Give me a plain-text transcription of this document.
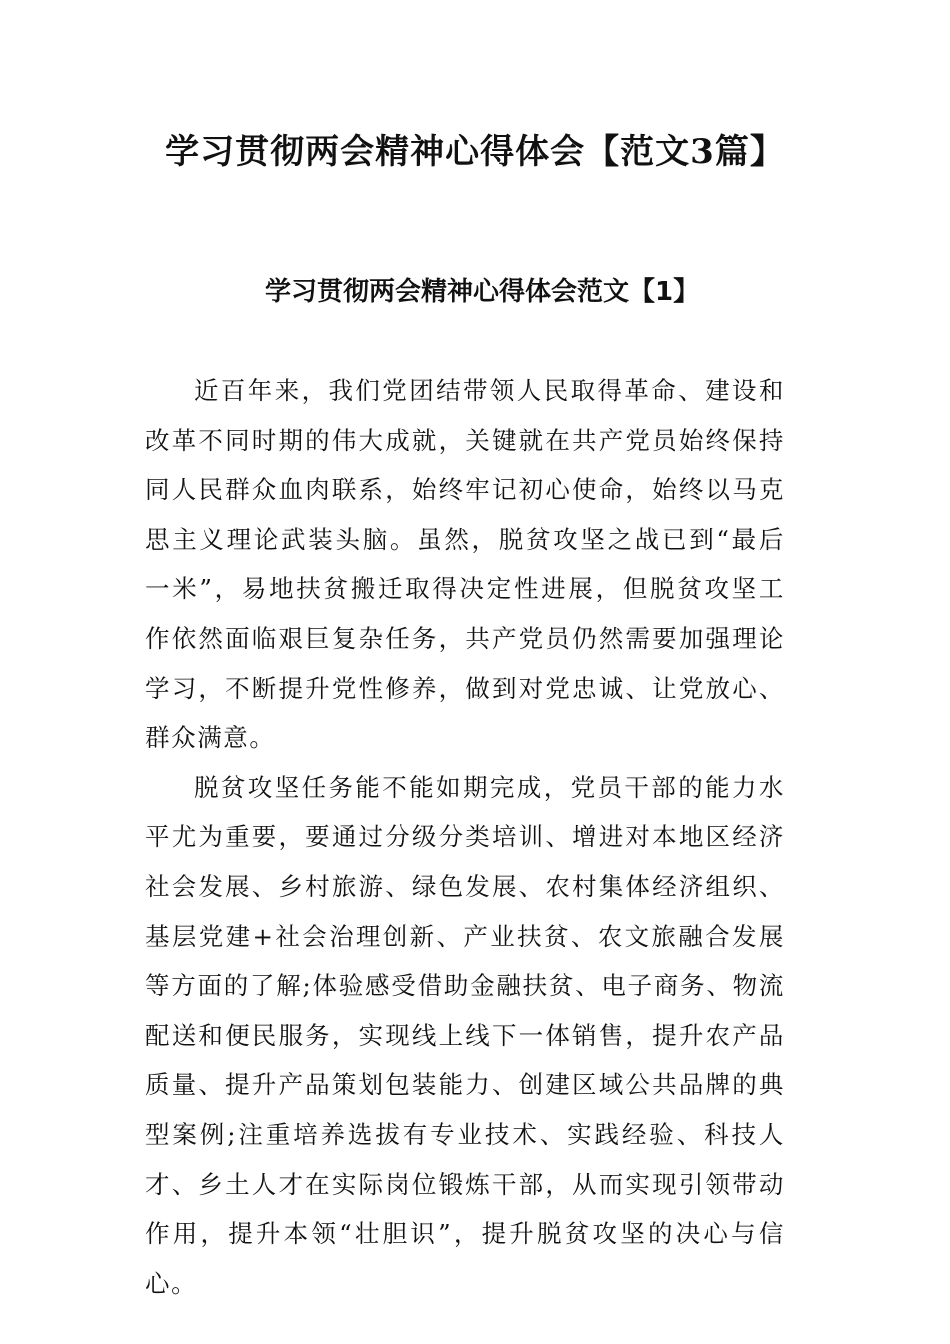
学习贯彻两会精神心得体会【范文3篇】
学习贯彻两会精神心得体会范文【1】

近百年来，我们党团结带领人民取得革命、建设和改革不同时期的伟大成就，关键就在共产党员始终保持同人民群众血肉联系，始终牢记初心使命，始终以马克思主义理论武装头脑。虽然，脱贫攻坚之战已到“最后一米”，易地扶贫搬迁取得决定性进展，但脱贫攻坚工作依然面临艰巨复杂任务，共产党员仍然需要加强理论学习，不断提升党性修养，做到对党忠诚、让党放心、群众满意。

脱贫攻坚任务能不能如期完成，党员干部的能力水平尤为重要，要通过分级分类培训、增进对本地区经济社会发展、乡村旅游、绿色发展、农村集体经济组织、基层党建+社会治理创新、产业扶贫、农文旅融合发展等方面的了解;体验感受借助金融扶贫、电子商务、物流配送和便民服务，实现线上线下一体销售，提升农产品质量、提升产品策划包装能力、创建区域公共品牌的典型案例;注重培养选拔有专业技术、实践经验、科技人才、乡土人才在实际岗位锻炼干部，从而实现引领带动作用，提升本领“壮胆识”，提升脱贫攻坚的决心与信心。
